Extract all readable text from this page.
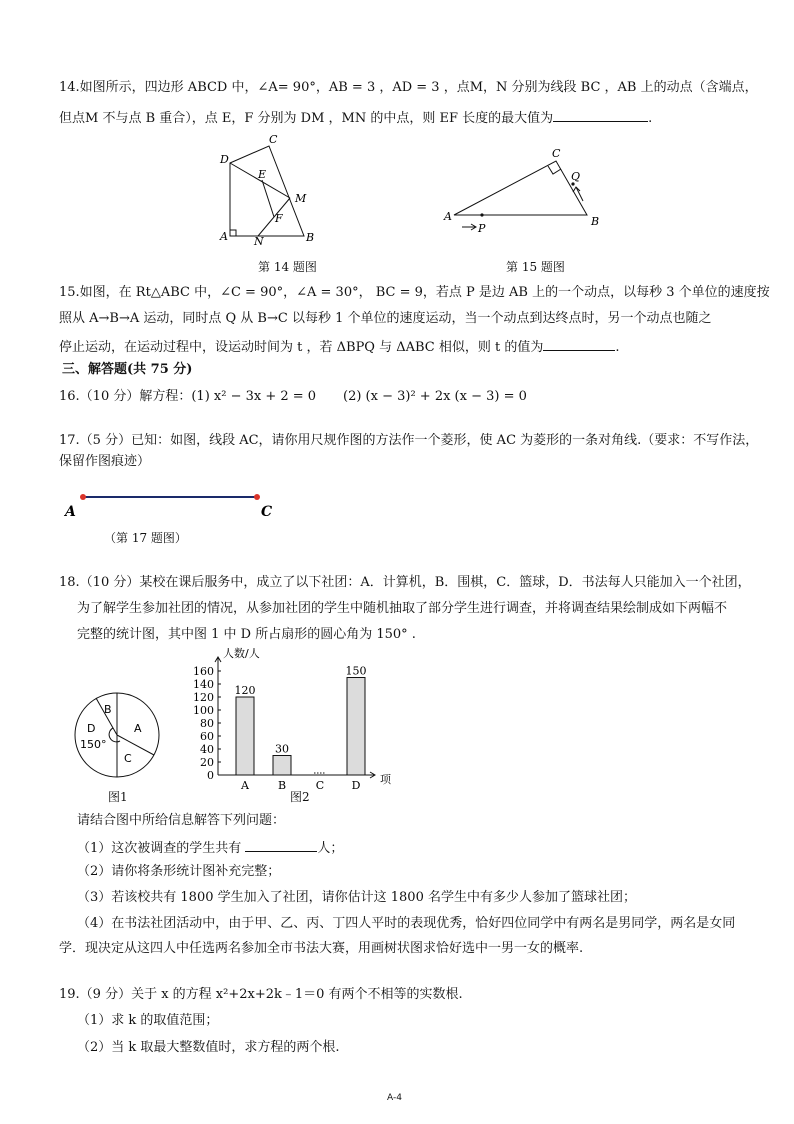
14.如图所示，四边形 ABCD 中，∠A= 90°，AB = 3 ，AD = 3 ，点M，N 分别为线段 BC ，AB 上的动点（含端点，
但点M 不与点 B 重合），点 E，F 分别为 DM ，MN 的中点，则 EF 长度的最大值为	.
C
D
E
M
F
A N	B
第 14 题图
C
Q
A
P
B
第 15 题图
15.如图，在 Rt△ABC 中，∠C = 90°，∠A = 30°， BC = 9，若点 P 是边 AB 上的一个动点，以每秒 3 个单位的速度按
照从 A→B→A 运动，同时点 Q 从 B→C 以每秒 1 个单位的速度运动，当一个动点到达终点时，另一个动点也随之
停止运动，在运动过程中，设运动时间为 t ，若 ΔBPQ 与 ΔABC 相似，则 t 的值为	.
三、解答题(共 75 分)
16.（10 分）解方程：(1) x² − 3x + 2 = 0 (2) (x − 3)² + 2x (x − 3) = 0
17.（5 分）已知：如图，线段 AC，请你用尺规作图的方法作一个菱形，使 AC 为菱形的一条对角线.（要求：不写作法，
保留作图痕迹）
A	C
（第 17 题图）
18.（10 分）某校在课后服务中，成立了以下社团：A．计算机，B．围棋，C．篮球，D．书法每人只能加入一个社团，
为了解学生参加社团的情况，从参加社团的学生中随机抽取了部分学生进行调查，并将调查结果绘制成如下两幅不
完整的统计图，其中图 1 中 D 所占扇形的圆心角为 150° .
B
A
C
D
150°
图1
人数/人
项
0
20
40
60
80
100
120
140
160
120
A
30
B	C
150
D
图2
请结合图中所给信息解答下列问题：
（1）这次被调查的学生共有	人；
（2）请你将条形统计图补充完整；
（3）若该校共有 1800 学生加入了社团，请你估计这 1800 名学生中有多少人参加了篮球社团；
（4）在书法社团活动中，由于甲、乙、丙、丁四人平时的表现优秀，恰好四位同学中有两名是男同学，两名是女同
学．现决定从这四人中任选两名参加全市书法大赛，用画树状图求恰好选中一男一女的概率.
19.（9 分）关于 x 的方程 x²+2x+2k﹣1＝0 有两个不相等的实数根.
（1）求 k 的取值范围；
（2）当 k 取最大整数值时，求方程的两个根.
A-4
